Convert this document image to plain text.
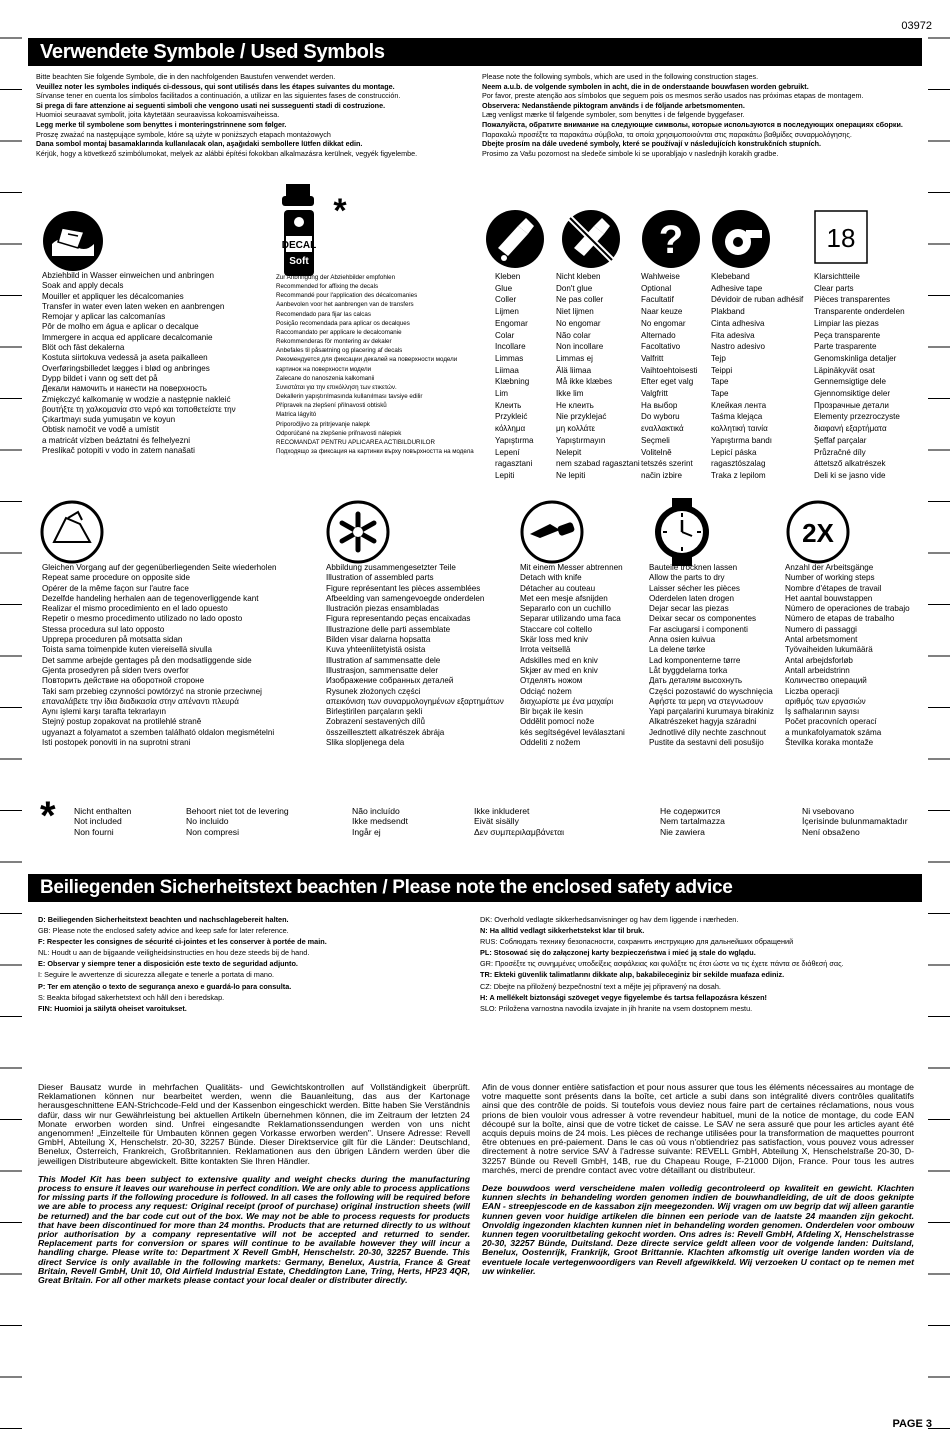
03972
Verwendete Symbole / Used Symbols
Bitte beachten Sie folgende Symbole, die in den nachfolgenden Baustufen verwendet werden.
Veuillez noter les symboles indiqués ci-dessous, qui sont utilisés dans les étapes suivantes du montage.
Sírvanse tener en cuenta los símbolos facilitados a continuación, a utilizar en las siguientes fases de construcción.
Si prega di fare attenzione ai seguenti simboli che vengono usati nei susseguenti stadi di costruzione.
Huomioi seuraavat symbolit, joita käytetään seuraavissa kokoamisvaiheissa.
Legg merke til symbolene som benyttes i monteringstrinnene som følger.
Proszę zważać na następujące symbole, które są użyte w poniższych etapach montażowych
Dana sombol montaj basamaklarında kullanılacak olan, aşağıdaki sembollere lütfen dikkat edin.
Kérjük, hogy a következő szimbólumokat, melyek az alábbi építési fokokban alkalmazásra kerülnek, vegyék figyelembe.
Please note the following symbols, which are used in the following construction stages.
Neem a.u.b. de volgende symbolen in acht, die in de onderstaande bouwfasen worden gebruikt.
Por favor, preste atenção aos símbolos que seguem pois os mesmos serão usados nas próximas etapas de montagem.
Observera: Nedanstående piktogram används i de följande arbetsmomenten.
Læg venligst mærke til følgende symboler, som benyttes i de følgende byggefaser.
Пожалуйста, обратите внимание на следующие символы, которые используются в последующих операциях сборки.
Παρακαλώ προσέξτε τα παρακάτω σύμβολα, τα οποία χρησιμοποιούνται στις παρακάτω βαθμίδες συναρμολόγησης.
Dbejte prosím na dále uvedené symboly, které se používají v následujících konstrukčních stupních.
Prosimo za Vašu pozornost na sledeče simbole ki se uporabljajo v naslednjih korakih gradbe.
DECAL
Soft
*
?	18
Abziehbild in Wasser einweichen und anbringen
Soak and apply decals
Mouiller et appliquer les décalcomanies
Transfer in water even laten weken en aanbrengen
Remojar y aplicar las calcomanías
Pôr de molho em água e aplicar o decalque
Immergere in acqua ed applicare decalcomanie
Blöt och fäst dekalerna
Kostuta siirtokuva vedessä ja aseta paikalleen
Overføringsbilledet lægges i blød og anbringes
Dypp bildet i vann og sett det på
Декали намочить и нанести на поверхность
Zmiękczyć kalkomanię w wodzie a następnie nakleić
βουτήξτε τη χαλκομανία στο νερό και τοποθετείστε την
Çıkartmayı suda yumuşatın ve koyun
Obtisk namočit ve vodě a umístit
a matricát vízben beáztatni és felhelyezni
Preslikač potopiti v vodo in zatem nanašati
Zur Anbringung der Abziehbilder empfohlen
Recommended for affixing the decals
Recommandé pour l'application des décalcomanies
Aanbevolen voor het aanbrengen van de transfers
Recomendado para fijar las calcas
Posição recomendada para aplicar os decalques
Raccomandato per applicare le decalcomanie
Rekommenderas för montering av dekaler
Anbefales til påsætning og placering af decals
Рекомендуется для фиксации декалей на поверхности модели
картинок на поверхности модели
Zalecane do nanoszenia kalkomanii
Συνιστάται για την επικόλληση των ετικετών.
Dekallerin yapıştırılmasında kullanılması tavsiye edilir
Přípravek na zlepšení přilnavosti obtisků
Matrica lágyító
Priporočljivo za pritrjevanje nalepk
Odporúčané na zlepšenie priľnavosti nálepiek
RECOMANDAT PENTRU APLICAREA ACTIBILDURILOR
Подходящо за фиксация на картинки върху повърхността на модела
Kleben
Glue
Coller
Lijmen
Engomar
Colar
Incollare
Limmas
Liimaa
Klæbning
Lim
Клеить
Przykleić
κόλλημα
Yapıştırma
Lepení
ragasztani
Lepiti
Nicht kleben
Don't glue
Ne pas coller
Niet lijmen
No engomar
Não colar
Non incollare
Limmas ej
Älä liimaa
Må ikke klæbes
Ikke lim
Не клеить
Nie przyklejać
μη κολλάτε
Yapıştırmayın
Nelepit
nem szabad ragasztani
Ne lepiti
Wahlweise
Optional
Facultatif
Naar keuze
No engomar
Alternado
Facoltativo
Valfritt
Vaihtoehtoisesti
Efter eget valg
Valgfritt
На выбор
Do wyboru
εναλλακτικά
Seçmeli
Volitelně
tetszés szerint
način izbire
Klebeband
Adhesive tape
Dévidoir de ruban adhésif
Plakband
Cinta adhesiva
Fita adesiva
Nastro adesivo
Tejp
Teippi
Tape
Tape
Клейкая лента
Taśma klejąca
κολλητική ταινία
Yapıştırma bandı
Lepicí páska
ragasztószalag
Traka z lepilom
Klarsichtteile
Clear parts
Pièces transparentes
Transparente onderdelen
Limpiar las piezas
Peça transparente
Parte trasparente
Genomskinliga detaljer
Läpinäkyvät osat
Gennemsigtige dele
Gjennomsiktige deler
Прозрачные детали
Elementy przezroczyste
διαφανή εξαρτήματα
Şeffaf parçalar
Průzračné díly
áttetsző alkatrészek
Deli ki se jasno vide
2X
Gleichen Vorgang auf der gegenüberliegenden Seite wiederholen
Repeat same procedure on opposite side
Opérer de la même façon sur l'autre face
Dezelfde handeling herhalen aan de tegenoverliggende kant
Realizar el mismo procedimiento en el lado opuesto
Repetir o mesmo procedimento utilizado no lado oposto
Stessa procedura sul lato opposto
Upprepa proceduren på motsatta sidan
Toista sama toimenpide kuten viereisellä sivulla
Det samme arbejde gentages på den modsatliggende side
Gjenta prosedyren på siden tvers overfor
Повторить действие на оборотной стороне
Taki sam przebieg czynności powtórzyć na stronie przeciwnej
επαναλάβετε την ίδια διαδικασία στην απέναντι πλευρά
Aynı işlemi karşı tarafta tekrarlayın
Stejný postup zopakovat na protilehlé straně
ugyanazt a folyamatot a szemben található oldalon megismételni
Isti postopek ponoviti in na suprotni strani
Abbildung zusammengesetzter Teile
Illustration of assembled parts
Figure représentant les pièces assemblées
Afbeelding van samengevoegde onderdelen
Ilustración piezas ensambladas
Figura representando peças encaixadas
Illustrazione delle parti assemblate
Bilden visar dalarna hopsatta
Kuva yhteenliitetyistä osista
Illustration af sammensatte dele
Illustrasjon, sammensatte deler
Изображение собранных деталей
Rysunek złożonych części
απεικόνιση των συναρμολογημένων εξαρτημάτων
Birleştirilen parçaların şekli
Zobrazení sestavených dílů
összeillesztett alkatrészek ábrája
Slika slopljenega dela
Mit einem Messer abtrennen
Detach with knife
Détacher au couteau
Met een mesje afsnijden
Separarlo con un cuchillo
Separar utilizando uma faca
Staccare col coltello
Skär loss med kniv
Irrota veitsellä
Adskilles med en kniv
Skjær av med en kniv
Отделять ножом
Odciąć nożem
διαχωρίστε με ένα μαχαίρι
Bir bıçak ile kesin
Oddělit pomocí nože
kés segítségével leválasztani
Oddeliti z nožem
Bauteile trocknen lassen
Allow the parts to dry
Laisser sécher les pièces
Oderdelen laten drogen
Dejar secar las piezas
Deixar secar os componentes
Far asciugarsi i componenti
Anna osien kuivua
La delene tørke
Lad komponenterne tørre
Låt byggdelarna torka
Дать деталям высохнуть
Części pozostawić do wyschnięcia
Αφήστε τα μερη να στεγνωσουν
Yapi parçalarini kurumaya birakiniz
Alkatrészeket hagyja száradni
Jednotlivé díly nechte zaschnout
Pustite da sestavni deli posušijo
Anzahl der Arbeitsgänge
Number of working steps
Nombre d'étapes de travail
Het aantal bouwstappen
Número de operaciones de trabajo
Número de etapas de trabalho
Numero di passaggi
Antal arbetsmoment
Työvaiheiden lukumäärä
Antal arbejdsforløb
Antall arbeidstrinn
Количество операций
Liczba operacji
αριθμός των εργασιών
İş safhalarının sayısı
Počet pracovních operací
a munkafolyamatok száma
Številka koraka montaže
* Nicht enthalten
Not included
Non fourni
Behoort niet tot de levering
No incluido
Non compresi
Não incluído
Ikke medsendt
Ingår ej
Ikke inkluderet
Eivät sisälly
Δεν συμπεριλαμβάνεται
Не содержится
Nem tartalmazza
Nie zawiera
Ni vsebovano
İçerisinde bulunmamaktadır
Není obsaženo
Beiliegenden Sicherheitstext beachten / Please note the enclosed safety advice
D: Beiliegenden Sicherheitstext beachten und nachschlagebereit halten.
GB: Please note the enclosed safety advice and keep safe for later reference.
F: Respecter les consignes de sécurité ci-jointes et les conserver à portée de main.
NL: Houdt u aan de bijgaande veiligheidsinstructies en hou deze steeds bij de hand.
E: Observar y siempre tener a disposición este texto de seguridad adjunto.
I: Seguire le avvertenze di sicurezza allegate e tenerle a portata di mano.
P: Ter em atenção o texto de segurança anexo e guardá-lo para consulta.
S: Beakta bifogad säkerhetstext och håll den i beredskap.
FIN: Huomioi ja säilytä oheiset varoitukset.
DK: Overhold vedlagte sikkerhedsanvisninger og hav dem liggende i nærheden.
N: Ha alltid vedlagt sikkerhetstekst klar til bruk.
RUS: Соблюдать технику безопасности, сохранить инструкцию для дальнейших обращений
PL: Stosować się do załączonej karty bezpieczeństwa i mieć ją stale do wglądu.
GR: Προσέξτε τις συνημμένες υποδείξεις ασφάλειας και φυλάξτε τις έτσι ώστε να τις έχετε πάντα σε διάθεσή σας.
TR: Ekteki güvenlik talimatlarını dikkate alıp, bakabileceginiz bir sekilde muafaza ediniz.
CZ: Dbejte na přiložený bezpečnostní text a mějte jej připravený na dosah.
H: A mellékelt biztonsági szöveget vegye figyelembe és tartsa fellapozásra készen!
SLO: Priložena varnostna navodila izvajate in jih hranite na vsem dostopnem mestu.

Dieser Bausatz wurde in mehrfachen Qualitäts- und Gewichtskontrollen auf Vollständigkeit überprüft. Reklamationen können nur bearbeitet werden, wenn die Bauanleitung, das aus der Kartonage herausgeschnittene EAN-Strichcode-Feld und der Kassenbon eingeschickt werden. Bitte haben Sie Verständnis dafür, dass wir nur Gewährleistung bei aktuellen Artikeln übernehmen können, die im Zeitraum der letzten 24 Monate erworben worden sind. Unfrei eingesandte Reklamationssendungen werden von uns nicht angenommen! „Einzelteile für Umbauten können gegen Vorkasse erworben werden". Unsere Adresse: Revell GmbH, Abteilung X, Henschelstr. 20-30, 32257 Bünde. Dieser Direktservice gilt für die Länder: Deutschland, Benelux, Österreich, Frankreich, Großbritannien. Reklamationen aus den übrigen Ländern werden über die jeweiligen Distributeure abgewickelt. Bitte kontakten Sie Ihren Händler.

This Model Kit has been subject to extensive quality and weight checks during the manufacturing process to ensure it leaves our warehouse in perfect condition. We are only able to process applications for missing parts if the following procedure is followed. In all cases the following will be required before we are able to process any request: Original receipt (proof of purchase) original instruction sheets (will be returned) and the bar code cut out of the box. We may not be able to process requests for products that have been discontinued for more than 24 months. Products that are returned directly to us without prior authorisation by a company representative will not be accepted and returned to sender. Replacement parts for conversion or spares will continue to be available however they will incur a handling charge. Please write to: Department X Revell GmbH, Henschelstr. 20-30, 32257 Buende. This direct Service is only available in the following markets: Germany, Benelux, Austria, France & Great Britain, Revell GmbH, Unit 10, Old Airfield Industrial Estate, Cheddington Lane, Tring, Herts, HP23 4QR, Great Britain. For all other markets please contact your local dealer or distributer directly.

Afin de vous donner entière satisfaction et pour nous assurer que tous les éléments nécessaires au montage de votre maquette sont présents dans la boîte, cet article a subi dans son intégralité divers contrôles qualitatifs ainsi que des contrôle de poids. Si toutefois vous deviez nous faire part de certaines réclamations, nous vous prions de bien vouloir vous adresser à votre revendeur habituel, muni de la notice de montage, du code EAN découpé sur la boîte, ainsi que de votre ticket de caisse. Le SAV ne sera assuré que pour les articles ayant été acquis depuis moins de 24 mois. Les pièces de rechange utilisées pour la transformation de maquettes pourront être obtenues en pré-paiement. Dans le cas où vous n'obtiendriez pas satisfaction, vous pouvez vous adresser directement à notre service SAV à l'adresse suivante: REVELL GmbH, Abteilung X, Henschelstraße 20-30, D-32257 Bünde ou Revell GmbH, 14B, rue du Chapeau Rouge, F-21000 Dijon, France. Pour tous les autres marchés, merci de prendre contact avec votre détaillant ou distributeur.

Deze bouwdoos werd verscheidene malen volledig gecontroleerd op kwaliteit en gewicht. Klachten kunnen slechts in behandeling worden genomen indien de bouwhandleiding, de uit de doos geknipte EAN - streepjescode en de kassabon zijn meegezonden. Wij vragen om uw begrip dat wij alleen garantie kunnen geven voor huidige artikelen die binnen een periode van de laatste 24 maanden zijn gekocht. Onvoldig ingezonden klachten kunnen niet in behandeling worden genomen. Onderdelen voor ombouw kunnen tegen vooruitbetaling gekocht worden. Ons adres is: Revell GmbH, Afdeling X, Henschelstrasse 20-30, 32257 Bünde, Duitsland. Deze directe service geldt alleen voor de volgende landen: Duitsland, Benelux, Oostenrijk, Frankrijk, Groot Brittannie. Klachten afkomstig uit overige landen worden via de eventuele locale vertegenwoordigers van Revell afgewikkeld. Wij verzoeken U contact op te nemen met uw winkelier.

PAGE 3
